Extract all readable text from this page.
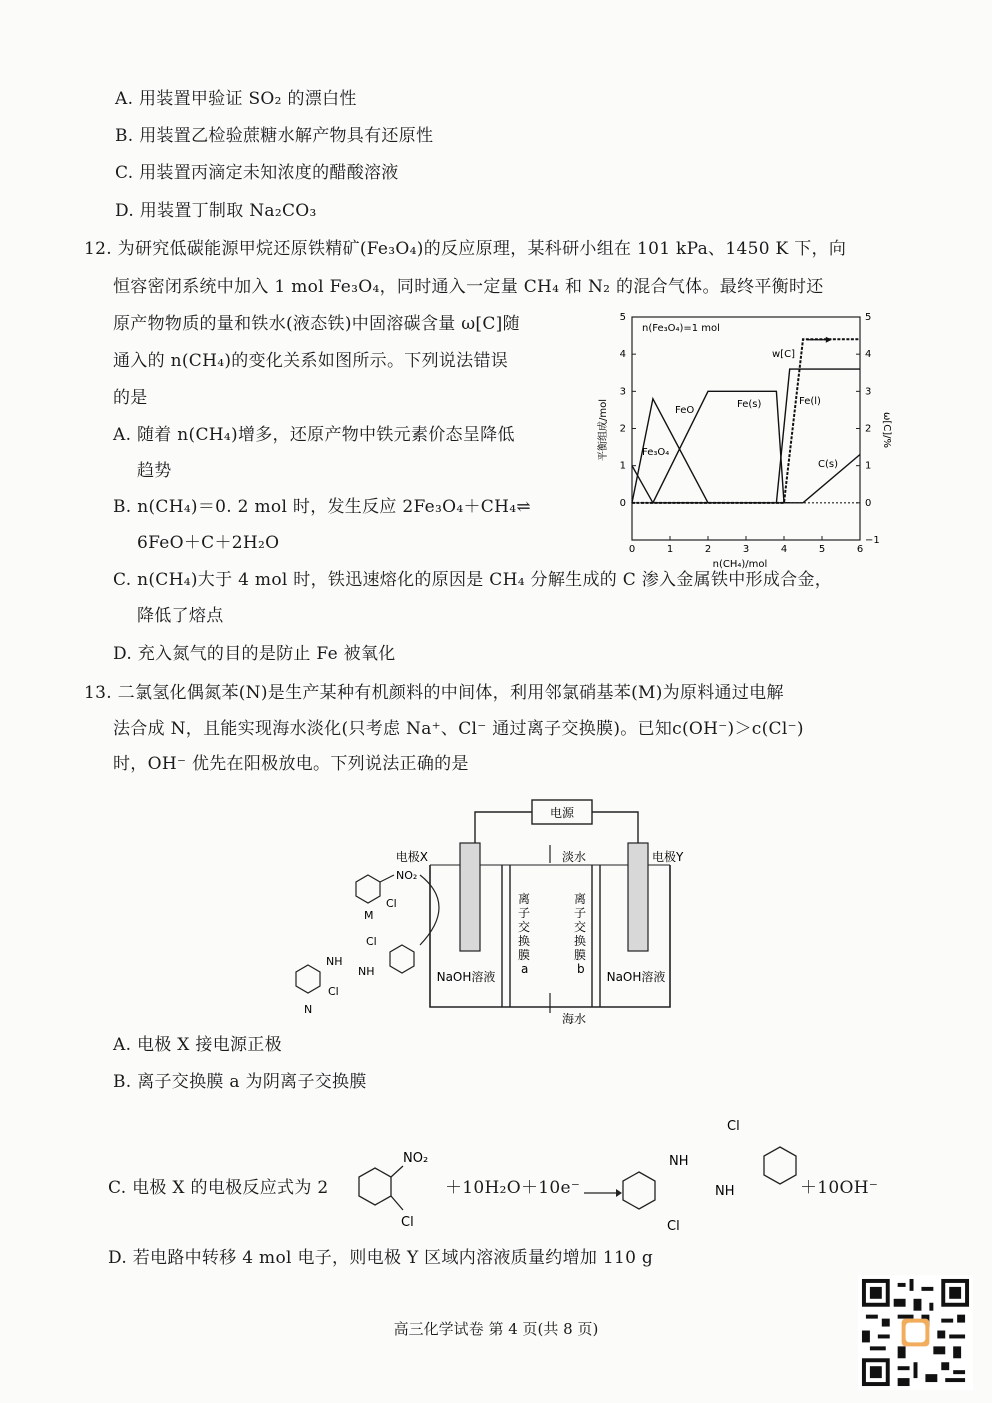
A. 用装置甲验证 SO₂ 的漂白性
B. 用装置乙检验蔗糖水解产物具有还原性
C. 用装置丙滴定未知浓度的醋酸溶液
D. 用装置丁制取 Na₂CO₃
12. 为研究低碳能源甲烷还原铁精矿(Fe₃O₄)的反应原理，某科研小组在 101 kPa、1450 K 下，向
恒容密闭系统中加入 1 mol Fe₃O₄，同时通入一定量 CH₄ 和 N₂ 的混合气体。最终平衡时还
原产物物质的量和铁水(液态铁)中固溶碳含量 ω[C]随
通入的 n(CH₄)的变化关系如图所示。下列说法错误
的是
A. 随着 n(CH₄)增多，还原产物中铁元素价态呈降低
趋势
B. n(CH₄)＝0. 2 mol 时，发生反应 2Fe₃O₄＋CH₄⇌
6FeO＋C＋2H₂O
C. n(CH₄)大于 4 mol 时，铁迅速熔化的原因是 CH₄ 分解生成的 C 渗入金属铁中形成合金，
降低了熔点
D. 充入氮气的目的是防止 Fe 被氧化
0	1	2	3	4	5	6
0
1
2
3
4
5
−1
0
1
2
3
4
5
n(Fe₃O₄)=1 mol
FeO
Fe(s)	Fe(l)
C(s)
Fe₃O₄
w[C]
n(CH₄)/mol
平衡组成/mol	ω[C]/%
13. 二氯氢化偶氮苯(N)是生产某种有机颜料的中间体，利用邻氯硝基苯(M)为原料通过电解
法合成 N，且能实现海水淡化(只考虑 Na⁺、Cl⁻ 通过离子交换膜)。已知c(OH⁻)＞c(Cl⁻)
时，OH⁻ 优先在阳极放电。下列说法正确的是
电源
电极X	电极Y
淡水
海水
离子交换膜 a
离子交换膜 b
NaOH溶液	NaOH溶液
NO₂
Cl
M
NH
NH
Cl
Cl
N
A. 电极 X 接电源正极
B. 离子交换膜 a 为阴离子交换膜
C. 电极 X 的电极反应式为 2
NO₂
Cl
＋10H₂O＋10e⁻
NH
NH
Cl
Cl
＋10OH⁻
D. 若电路中转移 4 mol 电子，则电极 Y 区域内溶液质量约增加 110 g
高三化学试卷 第 4 页(共 8 页)
